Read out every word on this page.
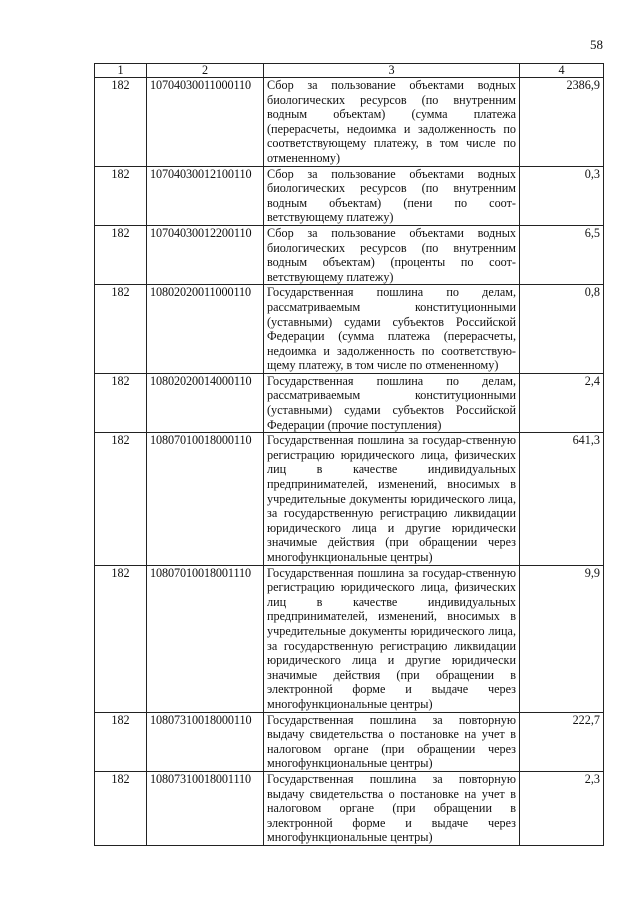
58
1	2	3	4
182	10704030011000110	Сбор за пользование объектами водных биологических ресурсов (по внутренним водным объектам) (сумма платежа (перерасчеты, недоимка и задолженность по соответствующему платежу, в том числе по отмененному)	2386,9
182	10704030012100110	Сбор за пользование объектами водных биологических ресурсов (по внутренним водным объектам) (пени по соот-ветствующему платежу)	0,3
182	10704030012200110	Сбор за пользование объектами водных биологических ресурсов (по внутренним водным объектам) (проценты по соот-ветствующему платежу)	6,5
182	10802020011000110	Государственная пошлина по делам, рассматриваемым конституционными (уставными) судами субъектов Российской Федерации (сумма платежа (перерасчеты, недоимка и задолженность по соответствую-щему платежу, в том числе по отмененному)	0,8
182	10802020014000110	Государственная пошлина по делам, рассматриваемым конституционными (уставными) судами субъектов Российской Федерации (прочие поступления)	2,4
182	10807010018000110	Государственная пошлина за государ-ственную регистрацию юридического лица, физических лиц в качестве индивидуальных предпринимателей, изменений, вносимых в учредительные документы юридического лица, за государственную регистрацию ликвидации юридического лица и другие юридически значимые действия (при обращении через многофункциональные центры)	641,3
182	10807010018001110	Государственная пошлина за государ-ственную регистрацию юридического лица, физических лиц в качестве индивидуальных предпринимателей, изменений, вносимых в учредительные документы юридического лица, за государственную регистрацию ликвидации юридического лица и другие юридически значимые действия (при обращении в электронной форме и выдаче через многофункциональные центры)	9,9
182	10807310018000110	Государственная пошлина за повторную выдачу свидетельства о постановке на учет в налоговом органе (при обращении через многофункциональные центры)	222,7
182	10807310018001110	Государственная пошлина за повторную выдачу свидетельства о постановке на учет в налоговом органе (при обращении в электронной форме и выдаче через многофункциональные центры)	2,3
